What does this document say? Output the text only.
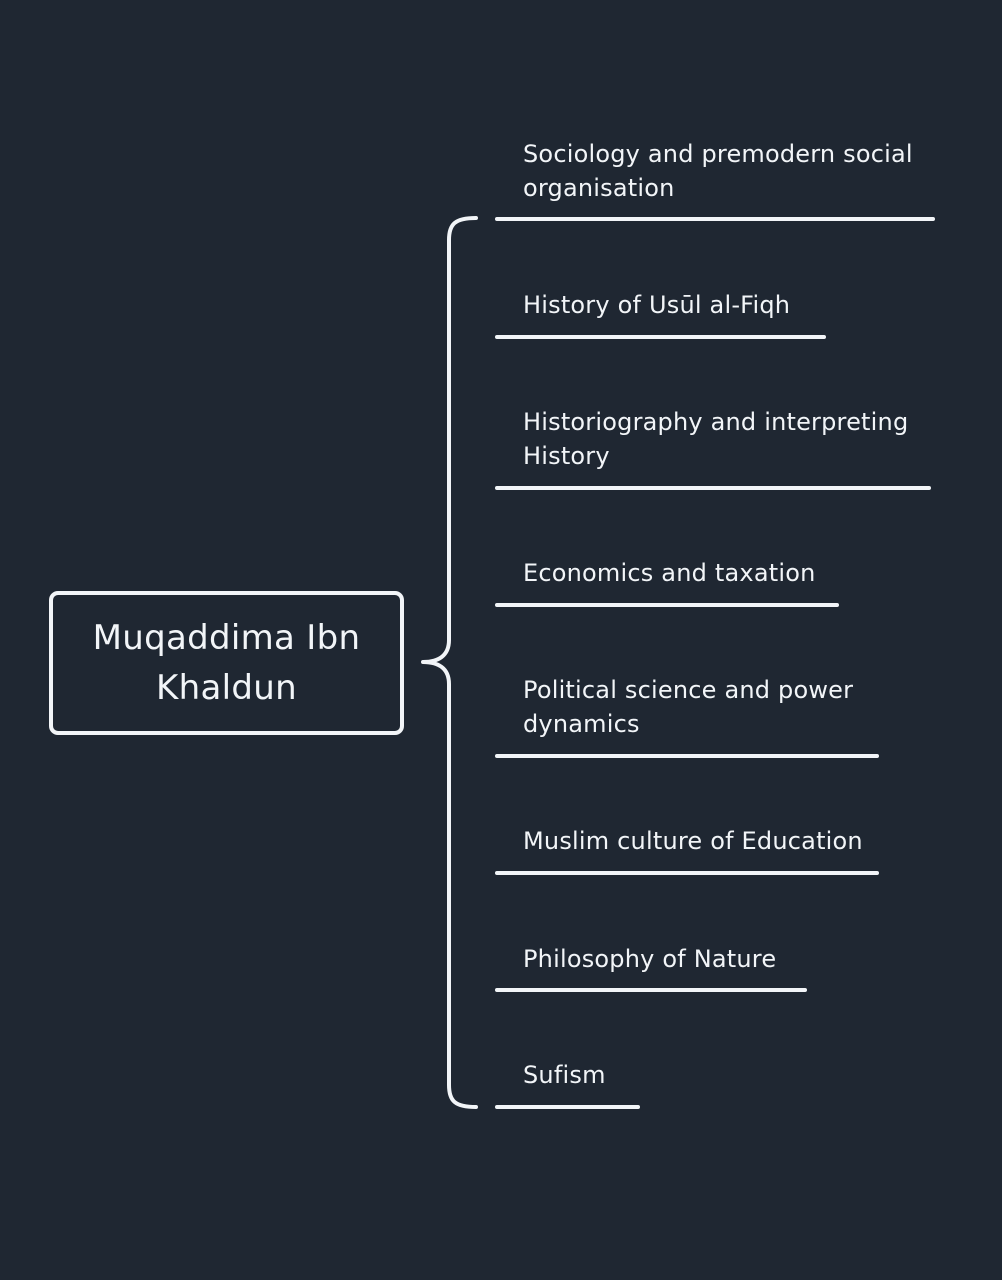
Muqaddima Ibn Khaldun
Sociology and premodern social organisation
History of Usūl al-Fiqh
Historiography and interpreting History
Economics and taxation
Political science and power dynamics
Muslim culture of Education
Philosophy of Nature
Sufism
